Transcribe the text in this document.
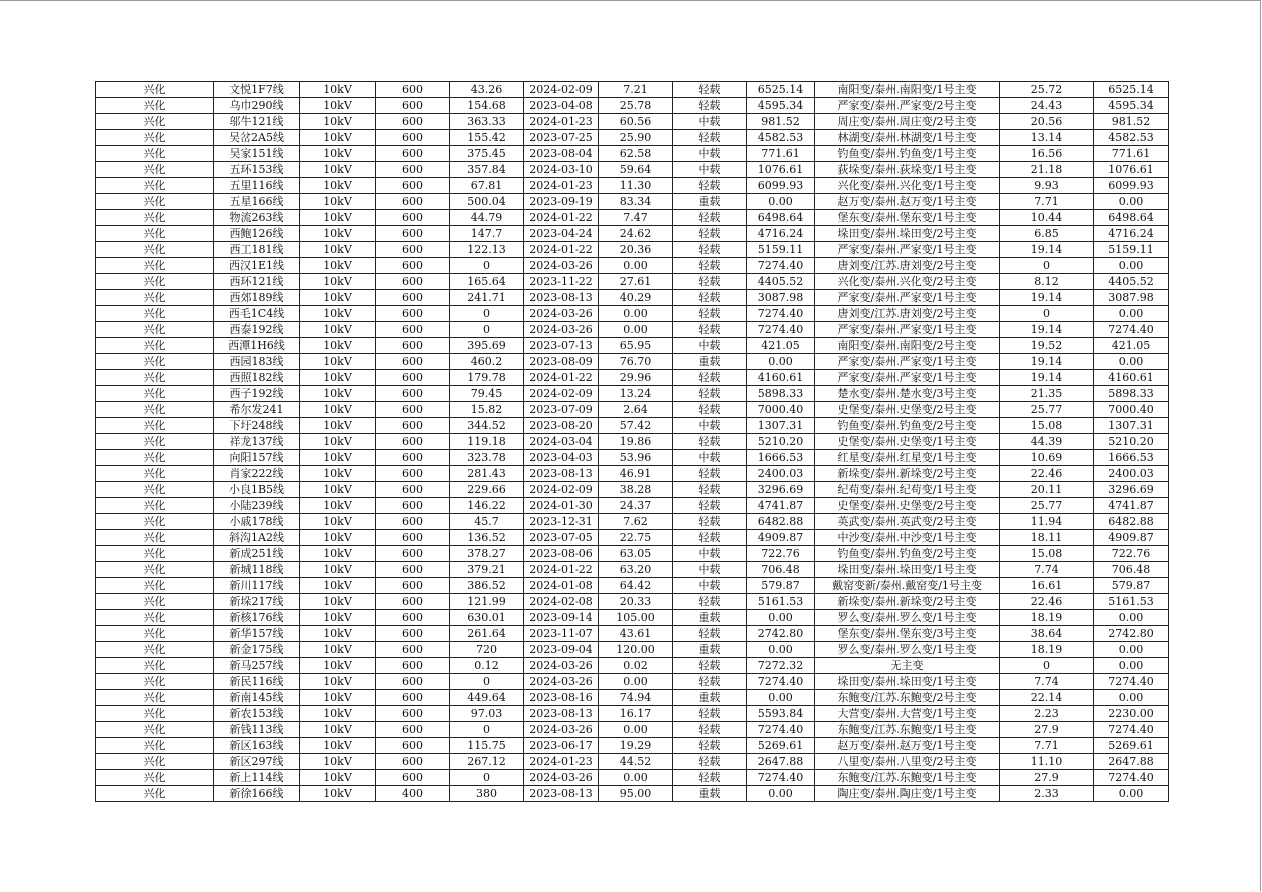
兴化	文悦1F7线	10kV	600	43.26	2024-02-09	7.21	轻载	6525.14	南阳变/泰州.南阳变/1号主变	25.72	6525.14
兴化	乌巾290线	10kV	600	154.68	2023-04-08	25.78	轻载	4595.34	严家变/泰州.严家变/2号主变	24.43	4595.34
兴化	邬牛121线	10kV	600	363.33	2024-01-23	60.56	中载	981.52	周庄变/泰州.周庄变/2号主变	20.56	981.52
兴化	吴岔2A5线	10kV	600	155.42	2023-07-25	25.90	轻载	4582.53	林湖变/泰州.林湖变/1号主变	13.14	4582.53
兴化	吴家151线	10kV	600	375.45	2023-08-04	62.58	中载	771.61	钓鱼变/泰州.钓鱼变/1号主变	16.56	771.61
兴化	五环153线	10kV	600	357.84	2024-03-10	59.64	中载	1076.61	荻垛变/泰州.荻垛变/1号主变	21.18	1076.61
兴化	五里116线	10kV	600	67.81	2024-01-23	11.30	轻载	6099.93	兴化变/泰州.兴化变/1号主变	9.93	6099.93
兴化	五星166线	10kV	600	500.04	2023-09-19	83.34	重载	0.00	赵万变/泰州.赵万变/1号主变	7.71	0.00
兴化	物流263线	10kV	600	44.79	2024-01-22	7.47	轻载	6498.64	堡东变/泰州.堡东变/1号主变	10.44	6498.64
兴化	西鲍126线	10kV	600	147.7	2023-04-24	24.62	轻载	4716.24	垛田变/泰州.垛田变/2号主变	6.85	4716.24
兴化	西工181线	10kV	600	122.13	2024-01-22	20.36	轻载	5159.11	严家变/泰州.严家变/1号主变	19.14	5159.11
兴化	西汉1E1线	10kV	600	0	2024-03-26	0.00	轻载	7274.40	唐刘变/江苏.唐刘变/2号主变	0	0.00
兴化	西环121线	10kV	600	165.64	2023-11-22	27.61	轻载	4405.52	兴化变/泰州.兴化变/2号主变	8.12	4405.52
兴化	西郊189线	10kV	600	241.71	2023-08-13	40.29	轻载	3087.98	严家变/泰州.严家变/1号主变	19.14	3087.98
兴化	西毛1C4线	10kV	600	0	2024-03-26	0.00	轻载	7274.40	唐刘变/江苏.唐刘变/2号主变	0	0.00
兴化	西泰192线	10kV	600	0	2024-03-26	0.00	轻载	7274.40	严家变/泰州.严家变/1号主变	19.14	7274.40
兴化	西潭1H6线	10kV	600	395.69	2023-07-13	65.95	中载	421.05	南阳变/泰州.南阳变/2号主变	19.52	421.05
兴化	西园183线	10kV	600	460.2	2023-08-09	76.70	重载	0.00	严家变/泰州.严家变/1号主变	19.14	0.00
兴化	西照182线	10kV	600	179.78	2024-01-22	29.96	轻载	4160.61	严家变/泰州.严家变/1号主变	19.14	4160.61
兴化	西子192线	10kV	600	79.45	2024-02-09	13.24	轻载	5898.33	楚水变/泰州.楚水变/3号主变	21.35	5898.33
兴化	希尔发241	10kV	600	15.82	2023-07-09	2.64	轻载	7000.40	史堡变/泰州.史堡变/2号主变	25.77	7000.40
兴化	下圩248线	10kV	600	344.52	2023-08-20	57.42	中载	1307.31	钓鱼变/泰州.钓鱼变/2号主变	15.08	1307.31
兴化	祥龙137线	10kV	600	119.18	2024-03-04	19.86	轻载	5210.20	史堡变/泰州.史堡变/1号主变	44.39	5210.20
兴化	向阳157线	10kV	600	323.78	2023-04-03	53.96	中载	1666.53	红星变/泰州.红星变/1号主变	10.69	1666.53
兴化	肖家222线	10kV	600	281.43	2023-08-13	46.91	轻载	2400.03	新垛变/泰州.新垛变/2号主变	22.46	2400.03
兴化	小良1B5线	10kV	600	229.66	2024-02-09	38.28	轻载	3296.69	纪苟变/泰州.纪苟变/1号主变	20.11	3296.69
兴化	小陆239线	10kV	600	146.22	2024-01-30	24.37	轻载	4741.87	史堡变/泰州.史堡变/2号主变	25.77	4741.87
兴化	小戚178线	10kV	600	45.7	2023-12-31	7.62	轻载	6482.88	英武变/泰州.英武变/2号主变	11.94	6482.88
兴化	斜沟1A2线	10kV	600	136.52	2023-07-05	22.75	轻载	4909.87	中沙变/泰州.中沙变/1号主变	18.11	4909.87
兴化	新成251线	10kV	600	378.27	2023-08-06	63.05	中载	722.76	钓鱼变/泰州.钓鱼变/2号主变	15.08	722.76
兴化	新城118线	10kV	600	379.21	2024-01-22	63.20	中载	706.48	垛田变/泰州.垛田变/1号主变	7.74	706.48
兴化	新川117线	10kV	600	386.52	2024-01-08	64.42	中载	579.87	戴窑变新/泰州.戴窑变/1号主变	16.61	579.87
兴化	新垛217线	10kV	600	121.99	2024-02-08	20.33	轻载	5161.53	新垛变/泰州.新垛变/2号主变	22.46	5161.53
兴化	新核176线	10kV	600	630.01	2023-09-14	105.00	重载	0.00	罗么变/泰州.罗么变/1号主变	18.19	0.00
兴化	新华157线	10kV	600	261.64	2023-11-07	43.61	轻载	2742.80	堡东变/泰州.堡东变/3号主变	38.64	2742.80
兴化	新金175线	10kV	600	720	2023-09-04	120.00	重载	0.00	罗么变/泰州.罗么变/1号主变	18.19	0.00
兴化	新马257线	10kV	600	0.12	2024-03-26	0.02	轻载	7272.32	无主变	0	0.00
兴化	新民116线	10kV	600	0	2024-03-26	0.00	轻载	7274.40	垛田变/泰州.垛田变/1号主变	7.74	7274.40
兴化	新南145线	10kV	600	449.64	2023-08-16	74.94	重载	0.00	东鲍变/江苏.东鲍变/2号主变	22.14	0.00
兴化	新农153线	10kV	600	97.03	2023-08-13	16.17	轻载	5593.84	大营变/泰州.大营变/1号主变	2.23	2230.00
兴化	新钱113线	10kV	600	0	2024-03-26	0.00	轻载	7274.40	东鲍变/江苏.东鲍变/1号主变	27.9	7274.40
兴化	新区163线	10kV	600	115.75	2023-06-17	19.29	轻载	5269.61	赵万变/泰州.赵万变/1号主变	7.71	5269.61
兴化	新区297线	10kV	600	267.12	2024-01-23	44.52	轻载	2647.88	八里变/泰州.八里变/2号主变	11.10	2647.88
兴化	新上114线	10kV	600	0	2024-03-26	0.00	轻载	7274.40	东鲍变/江苏.东鲍变/1号主变	27.9	7274.40
兴化	新徐166线	10kV	400	380	2023-08-13	95.00	重载	0.00	陶庄变/泰州.陶庄变/1号主变	2.33	0.00
